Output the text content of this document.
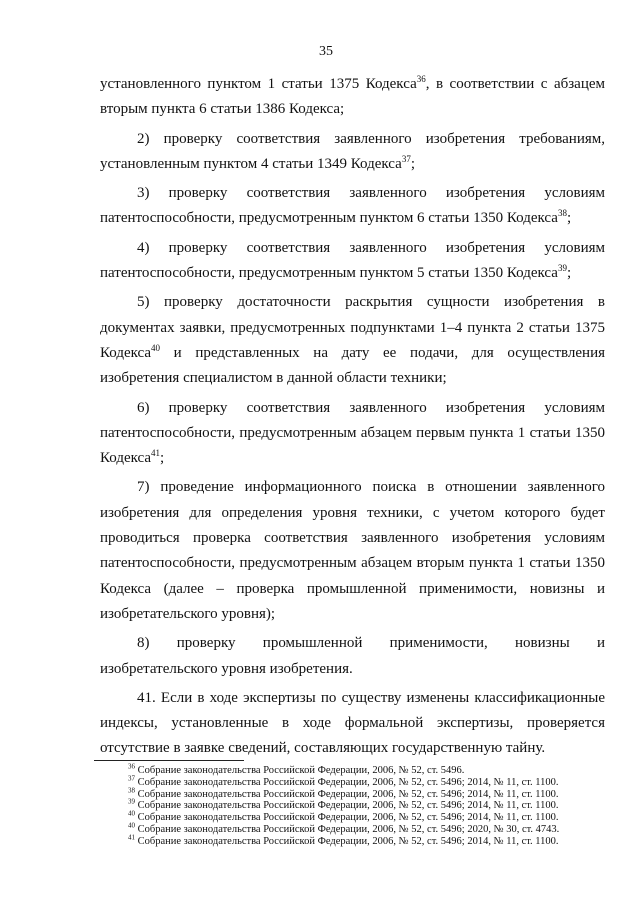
35

установленного пунктом 1 статьи 1375 Кодекса$^{36}$, в соответствии с абзацем вторым пункта 6 статьи 1386 Кодекса;

2) проверку соответствия заявленного изобретения требованиям, установленным пунктом 4 статьи 1349 Кодекса$^{37}$;

3) проверку соответствия заявленного изобретения условиям патентоспособности, предусмотренным пунктом 6 статьи 1350 Кодекса$^{38}$;

4) проверку соответствия заявленного изобретения условиям патентоспособности, предусмотренным пунктом 5 статьи 1350 Кодекса$^{39}$;

5) проверку достаточности раскрытия сущности изобретения в документах заявки, предусмотренных подпунктами 1–4 пункта 2 статьи 1375 Кодекса$^{40}$ и представленных на дату ее подачи, для осуществления изобретения специалистом в данной области техники;

6) проверку соответствия заявленного изобретения условиям патентоспособности, предусмотренным абзацем первым пункта 1 статьи 1350 Кодекса$^{41}$;

7) проведение информационного поиска в отношении заявленного изобретения для определения уровня техники, с учетом которого будет проводиться проверка соответствия заявленного изобретения условиям патентоспособности, предусмотренным абзацем вторым пункта 1 статьи 1350 Кодекса (далее – проверка промышленной применимости, новизны и изобретательского уровня);

8) проверку промышленной применимости, новизны и изобретательского уровня изобретения.

41. Если в ходе экспертизы по существу изменены классификационные индексы, установленные в ходе формальной экспертизы, проверяется отсутствие в заявке сведений, составляющих государственную тайну.

$^{36}$ Собрание законодательства Российской Федерации, 2006, № 52, ст. 5496.
$^{37}$ Собрание законодательства Российской Федерации, 2006, № 52, ст. 5496; 2014, № 11, ст. 1100.
$^{38}$ Собрание законодательства Российской Федерации, 2006, № 52, ст. 5496; 2014, № 11, ст. 1100.
$^{39}$ Собрание законодательства Российской Федерации, 2006, № 52, ст. 5496; 2014, № 11, ст. 1100.
$^{40}$ Собрание законодательства Российской Федерации, 2006, № 52, ст. 5496; 2014, № 11, ст. 1100.
$^{40}$ Собрание законодательства Российской Федерации, 2006, № 52, ст. 5496; 2020, № 30, ст. 4743.
$^{41}$ Собрание законодательства Российской Федерации, 2006, № 52, ст. 5496; 2014, № 11, ст. 1100.
